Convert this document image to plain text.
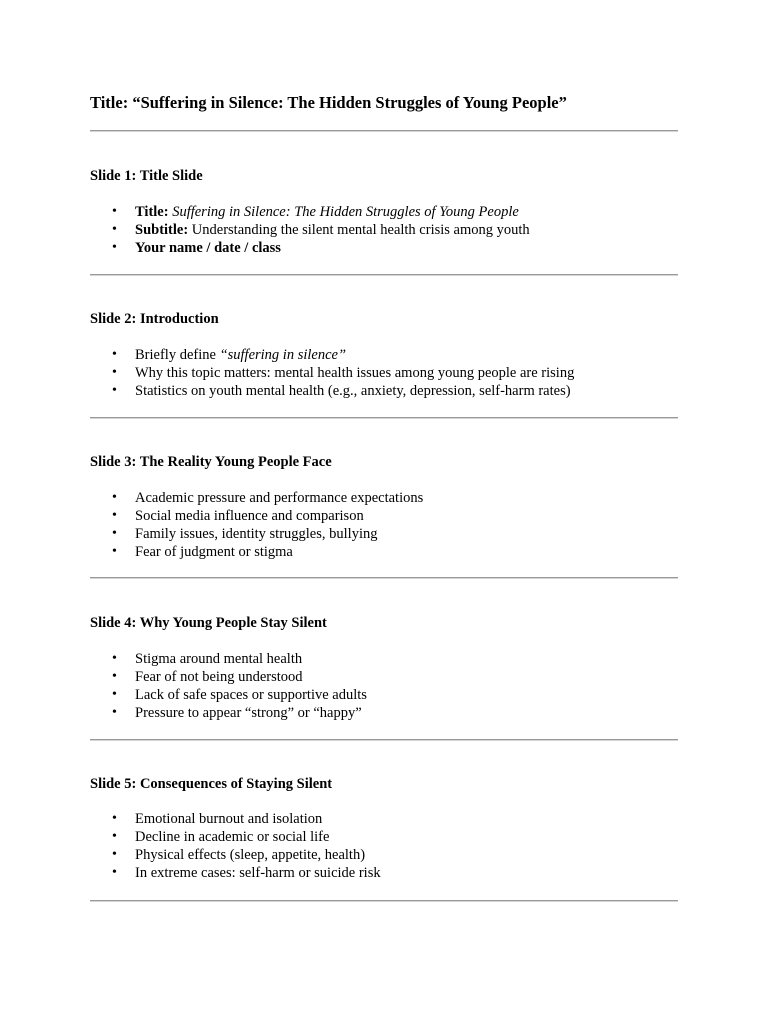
Title: “Suffering in Silence: The Hidden Struggles of Young People”
Slide 1: Title Slide
• Title: Suffering in Silence: The Hidden Struggles of Young People
• Subtitle: Understanding the silent mental health crisis among youth
• Your name / date / class
Slide 2: Introduction
• Briefly define “suffering in silence”
• Why this topic matters: mental health issues among young people are rising
• Statistics on youth mental health (e.g., anxiety, depression, self-harm rates)
Slide 3: The Reality Young People Face
• Academic pressure and performance expectations
• Social media influence and comparison
• Family issues, identity struggles, bullying
• Fear of judgment or stigma
Slide 4: Why Young People Stay Silent
• Stigma around mental health
• Fear of not being understood
• Lack of safe spaces or supportive adults
• Pressure to appear “strong” or “happy”
Slide 5: Consequences of Staying Silent
• Emotional burnout and isolation
• Decline in academic or social life
• Physical effects (sleep, appetite, health)
• In extreme cases: self-harm or suicide risk
